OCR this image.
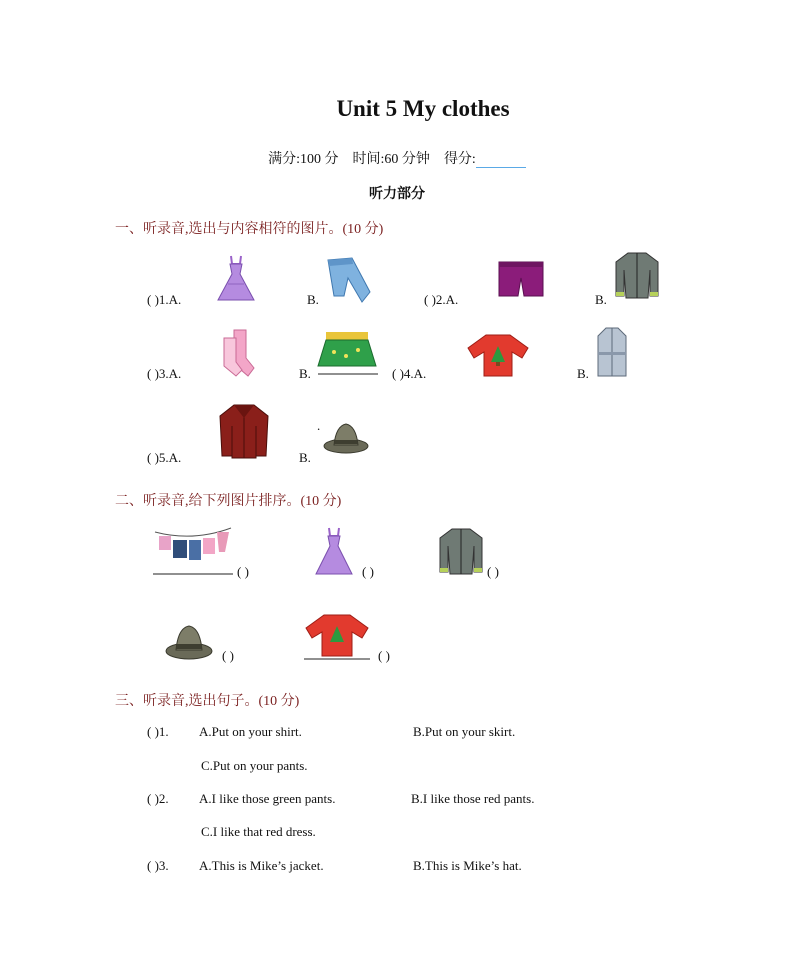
Unit 5 My clothes
满分:100 分 时间:60 分钟 得分:
听力部分
一、听录音,选出与内容相符的图片。(10 分)
( )1.A.	B.	( )2.A.	B.
( )3.A.	B.	( )4.A.	B.
( )5.A.	B.
.
二、听录音,给下列图片排序。(10 分)
( )	( )	( )
( )	( )
三、听录音,选出句子。(10 分)
( )1. A.Put on your shirt.	B.Put on your skirt.
C.Put on your pants.
( )2. A.I like those green pants.	B.I like those red pants.
C.I like that red dress.
( )3. A.This is Mike’s jacket.	B.This is Mike’s hat.
